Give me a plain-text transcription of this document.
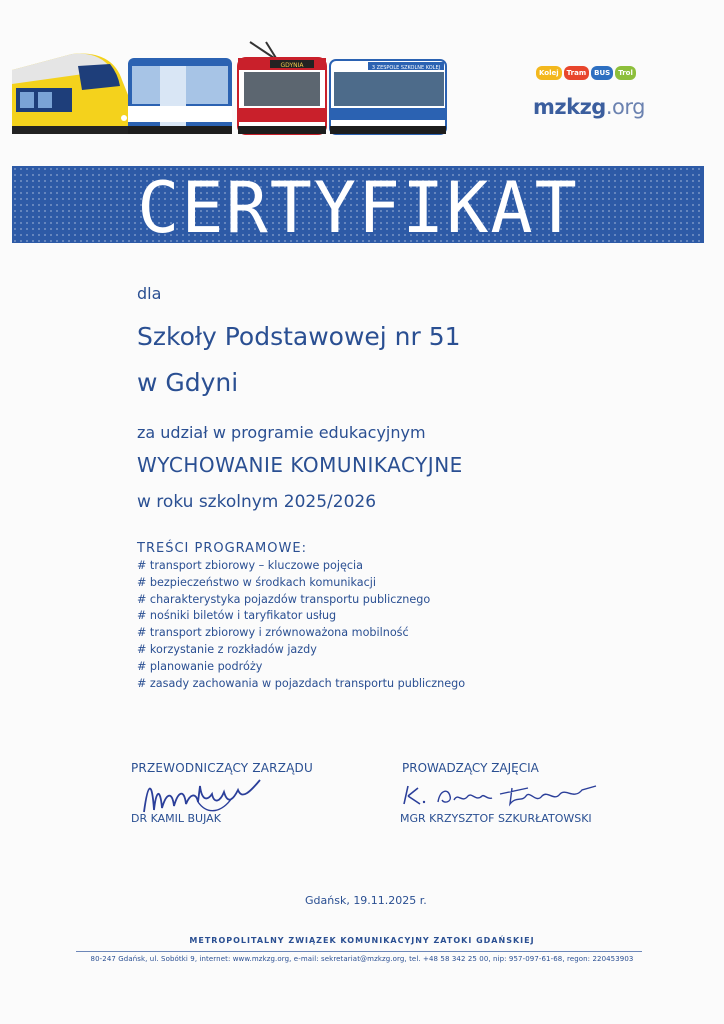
GDYNIA	3 ZESPOLE SZKOLNE KOLEJ
Kolej	Tram	BUS	Trol
mzkzg.org
CERTYFIKAT
dla
Szkoły Podstawowej nr 51
w Gdyni
za udział w programie edukacyjnym
WYCHOWANIE KOMUNIKACYJNE
w roku szkolnym 2025/2026
TREŚCI PROGRAMOWE:
# transport zbiorowy – kluczowe pojęcia
# bezpieczeństwo w środkach komunikacji
# charakterystyka pojazdów transportu publicznego
# nośniki biletów i taryfikator usług
# transport zbiorowy i zrównoważona mobilność
# korzystanie z rozkładów jazdy
# planowanie podróży
# zasady zachowania w pojazdach transportu publicznego
PRZEWODNICZĄCY ZARZĄDU
DR KAMIL BUJAK
PROWADZĄCY ZAJĘCIA
MGR KRZYSZTOF SZKURŁATOWSKI
Gdańsk, 19.11.2025 r.
METROPOLITALNY ZWIĄZEK KOMUNIKACYJNY ZATOKI GDAŃSKIEJ
80-247 Gdańsk, ul. Sobótki 9, internet: www.mzkzg.org, e-mail: sekretariat@mzkzg.org, tel. +48 58 342 25 00, nip: 957-097-61-68, regon: 220453903
